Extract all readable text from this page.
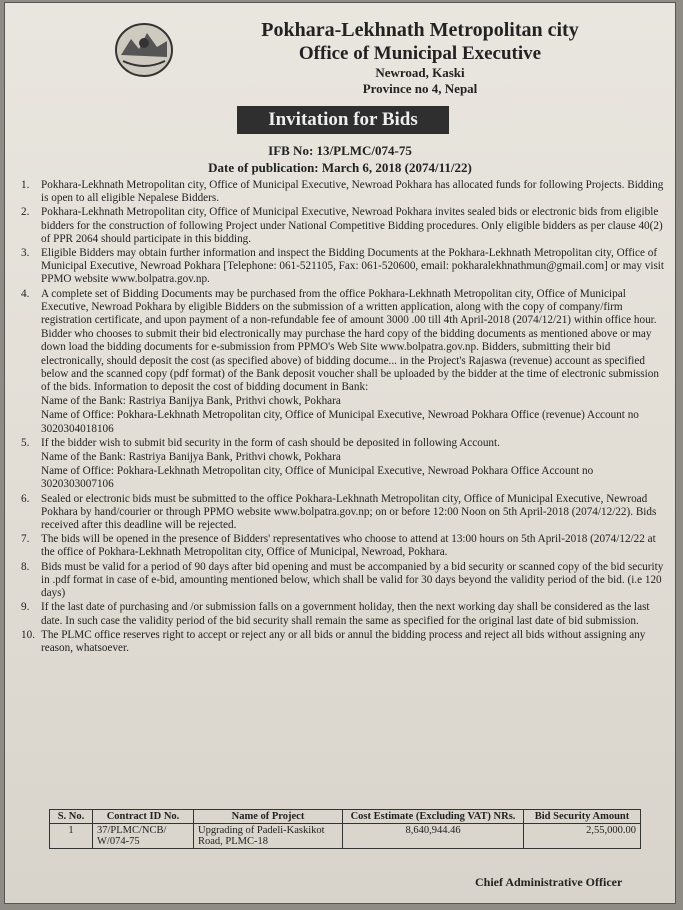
Pokhara-Lekhnath Metropolitan city
Office of Municipal Executive
Newroad, Kaski
Province no 4, Nepal
Invitation for Bids
IFB No: 13/PLMC/074-75
Date of publication: March 6, 2018 (2074/11/22)
1. Pokhara-Lekhnath Metropolitan city, Office of Municipal Executive, Newroad Pokhara has allocated funds for following Projects. Bidding is open to all eligible Nepalese Bidders.
2. Pokhara-Lekhnath Metropolitan city, Office of Municipal Executive, Newroad Pokhara invites sealed bids or electronic bids from eligible bidders for the construction of following Project under National Competitive Bidding procedures. Only eligible bidders as per clause 40(2) of PPR 2064 should participate in this bidding.
3. Eligible Bidders may obtain further information and inspect the Bidding Documents at the Pokhara-Lekhnath Metropolitan city, Office of Municipal Executive, Newroad Pokhara [Telephone: 061-521105, Fax: 061-520600, email: pokharalekhnathmun@gmail.com] or may visit PPMO website www.bolpatra.gov.np.
4. A complete set of Bidding Documents may be purchased from the office Pokhara-Lekhnath Metropolitan city, Office of Municipal Executive, Newroad Pokhara by eligible Bidders on the submission of a written application, along with the copy of company/firm registration certificate, and upon payment of a non-refundable fee of amount 3000 .00 till 4th April-2018 (2074/12/21) within office hour.
Bidder who chooses to submit their bid electronically may purchase the hard copy of the bidding documents as mentioned above or may down load the bidding documents for e-submission from PPMO's Web Site www.bolpatra.gov.np. Bidders, submitting their bid electronically, should deposit the cost (as specified above) of bidding docume... in the Project's Rajaswa (revenue) account as specified below and the scanned copy (pdf format) of the Bank deposit voucher shall be uploaded by the bidder at the time of electronic submission of the bids. Information to deposit the cost of bidding document in Bank:
Name of the Bank: Rastriya Banijya Bank, Prithvi chowk, Pokhara
Name of Office: Pokhara-Lekhnath Metropolitan city, Office of Municipal Executive, Newroad Pokhara Office (revenue) Account no 3020304018106
5. If the bidder wish to submit bid security in the form of cash should be deposited in following Account.
Name of the Bank: Rastriya Banijya Bank, Prithvi chowk, Pokhara
Name of Office: Pokhara-Lekhnath Metropolitan city, Office of Municipal Executive, Newroad Pokhara Office Account no 3020303007106
6. Sealed or electronic bids must be submitted to the office Pokhara-Lekhnath Metropolitan city, Office of Municipal Executive, Newroad Pokhara by hand/courier or through PPMO website www.bolpatra.gov.np; on or before 12:00 Noon on 5th April-2018 (2074/12/22). Bids received after this deadline will be rejected.
7. The bids will be opened in the presence of Bidders' representatives who choose to attend at 13:00 hours on 5th April-2018 (2074/12/22 at the office of Pokhara-Lekhnath Metropolitan city, Office of Municipal, Newroad, Pokhara.
8. Bids must be valid for a period of 90 days after bid opening and must be accompanied by a bid security or scanned copy of the bid security in .pdf format in case of e-bid, amounting mentioned below, which shall be valid for 30 days beyond the validity period of the bid. (i.e 120 days)
9. If the last date of purchasing and /or submission falls on a government holiday, then the next working day shall be considered as the last date. In such case the validity period of the bid security shall remain the same as specified for the original last date of bid submission.
10. The PLMC office reserves right to accept or reject any or all bids or annul the bidding process and reject all bids without assigning any reason, whatsoever.
S. No.	Contract ID No.	Name of Project	Cost Estimate (Excluding VAT) NRs.	Bid Security Amount
1	37/PLMC/NCB/ W/074-75	Upgrading of Padeli-Kaskikot Road, PLMC-18	8,640,944.46	2,55,000.00
Chief Administrative Officer
